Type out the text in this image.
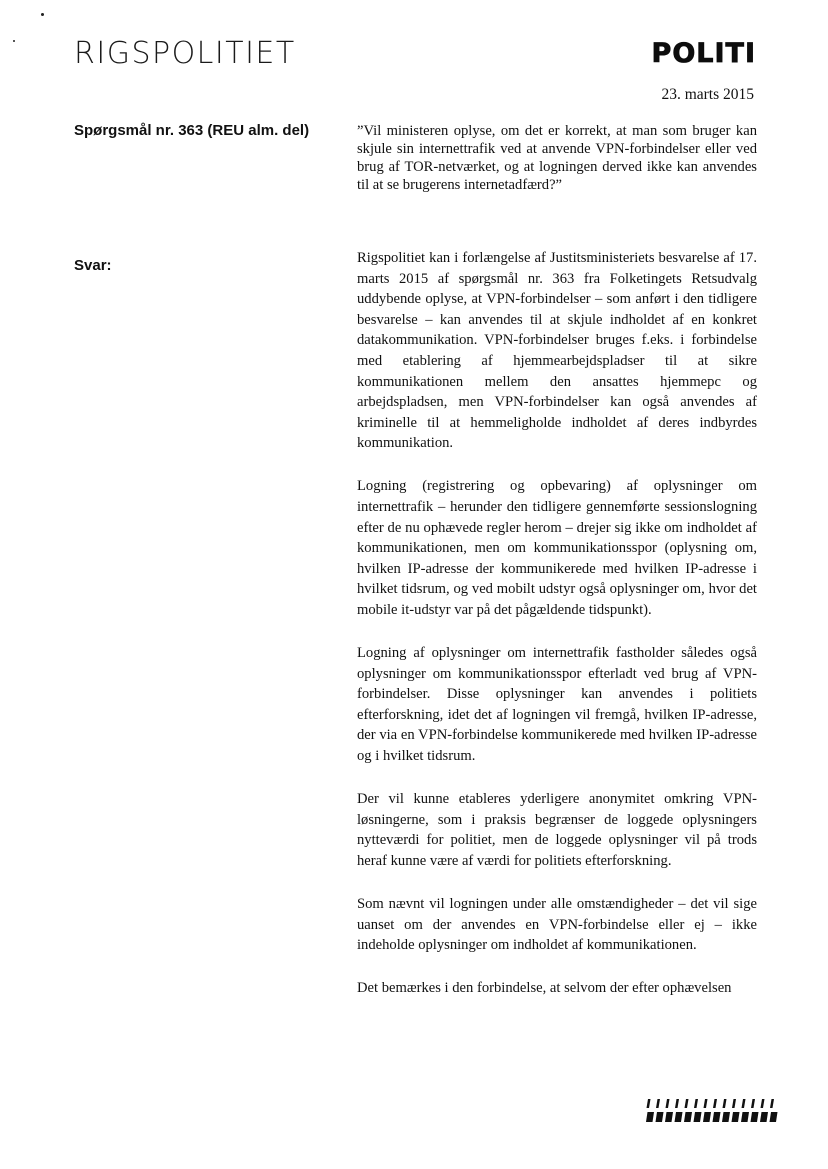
RIGSPOLITIET	POLITI
23. marts 2015
Spørgsmål nr. 363 (REU alm. del)	”Vil ministeren oplyse, om det er korrekt, at man som bruger kan skjule sin internettrafik ved at anvende VPN-forbindelser eller ved brug af TOR-netværket, og at logningen derved ikke kan anvendes til at se brugerens internetadfærd?”
Svar:	Rigspolitiet kan i forlængelse af Justitsministeriets besvarelse af 17. marts 2015 af spørgsmål nr. 363 fra Folketingets Retsudvalg uddybende oplyse, at VPN-forbindelser – som anført i den tidligere besvarelse – kan anvendes til at skjule indholdet af en konkret datakommunikation. VPN-forbindelser bruges f.eks. i forbindelse med etablering af hjemmearbejdspladser til at sikre kommunikationen mellem den ansattes hjemmepc og arbejdspladsen, men VPN-forbindelser kan også anvendes af kriminelle til at hemmeligholde indholdet af deres indbyrdes kommunikation.

Logning (registrering og opbevaring) af oplysninger om internettrafik – herunder den tidligere gennemførte sessionslogning efter de nu ophævede regler herom – drejer sig ikke om indholdet af kommunikationen, men om kommunikationsspor (oplysning om, hvilken IP-adresse der kommunikerede med hvilken IP-adresse i hvilket tidsrum, og ved mobilt udstyr også oplysninger om, hvor det mobile it-udstyr var på det pågældende tidspunkt).

Logning af oplysninger om internettrafik fastholder således også oplysninger om kommunikationsspor efterladt ved brug af VPN-forbindelser. Disse oplysninger kan anvendes i politiets efterforskning, idet det af logningen vil fremgå, hvilken IP-adresse, der via en VPN-forbindelse kommunikerede med hvilken IP-adresse og i hvilket tidsrum.

Der vil kunne etableres yderligere anonymitet omkring VPN-løsningerne, som i praksis begrænser de loggede oplysningers nytteværdi for politiet, men de loggede oplysninger vil på trods heraf kunne være af værdi for politiets efterforskning.

Som nævnt vil logningen under alle omstændigheder – det vil sige uanset om der anvendes en VPN-forbindelse eller ej – ikke indeholde oplysninger om indholdet af kommunikationen.

Det bemærkes i den forbindelse, at selvom der efter ophævelsen
